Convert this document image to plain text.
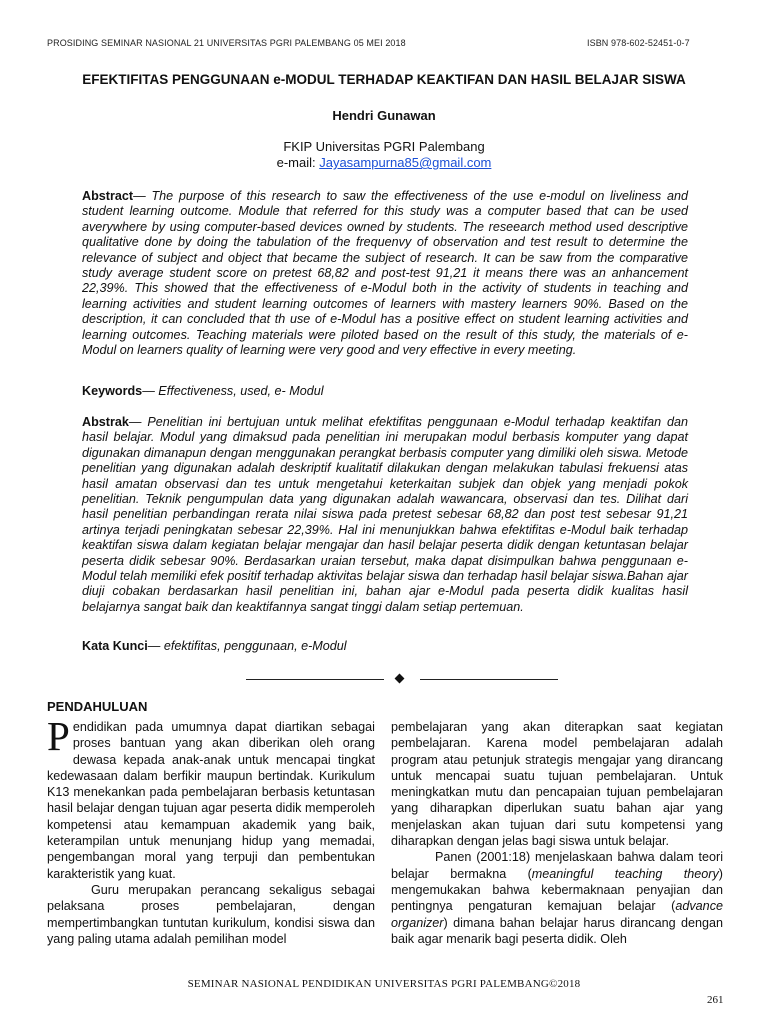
PROSIDING SEMINAR NASIONAL 21 UNIVERSITAS PGRI PALEMBANG 05 MEI 2018	ISBN 978-602-52451-0-7
EFEKTIFITAS PENGGUNAAN e-MODUL TERHADAP KEAKTIFAN DAN HASIL BELAJAR SISWA
Hendri Gunawan
FKIP Universitas PGRI Palembang
e-mail: Jayasampurna85@gmail.com
Abstract— The purpose of this research to saw the effectiveness of the use e-modul on liveliness and student learning outcome. Module that referred for this study was a computer based that can be used averywhere by using computer-based devices owned by students. The reseearch method used descriptive qualitative done by doing the tabulation of the frequenvy of observation and test result to determine the relevance of subject and object that became the subject of research. It can be saw from the comparative study average student score on pretest 68,82 and post-test 91,21 it means there was an anhancement 22,39%. This showed that the effectiveness of e-Modul both in the activity of students in teaching and learning activities and student learning outcomes of learners with mastery learners 90%. Based on the description, it can concluded that th use of e-Modul has a positive effect on student learning activities and learning outcomes. Teaching materials were piloted based on the result of this study, the materials of e-Modul on learners quality of learning were very good and very effective in every meeting.
Keywords— Effectiveness, used, e- Modul
Abstrak— Penelitian ini bertujuan untuk melihat efektifitas penggunaan e-Modul terhadap keaktifan dan hasil belajar. Modul yang dimaksud pada penelitian ini merupakan modul berbasis komputer yang dapat digunakan dimanapun dengan menggunakan perangkat berbasis computer yang dimiliki oleh siswa. Metode penelitian yang digunakan adalah deskriptif kualitatif dilakukan dengan melakukan tabulasi frekuensi atas hasil amatan observasi dan tes untuk mengetahui keterkaitan subjek dan objek yang menjadi pokok penelitian. Teknik pengumpulan data yang digunakan adalah wawancara, observasi dan tes. Dilihat dari hasil penelitian perbandingan rerata nilai siswa pada pretest sebesar 68,82 dan post test sebesar 91,21 artinya terjadi peningkatan sebesar 22,39%. Hal ini menunjukkan bahwa efektifitas e-Modul baik terhadap keaktifan siswa dalam kegiatan belajar mengajar dan hasil belajar peserta didik dengan ketuntasan belajar peserta didik sebesar 90%. Berdasarkan uraian tersebut, maka dapat disimpulkan bahwa penggunaan e-Modul telah memiliki efek positif terhadap aktivitas belajar siswa dan terhadap hasil belajar siswa.Bahan ajar diuji cobakan berdasarkan hasil penelitian ini, bahan ajar e-Modul pada peserta didik kualitas hasil belajarnya sangat baik dan keaktifannya sangat tinggi dalam setiap pertemuan.
Kata Kunci— efektifitas, penggunaan, e-Modul
PENDAHULUAN

Pendidikan pada umumnya dapat diartikan sebagai proses bantuan yang akan diberikan oleh orang dewasa kepada anak-anak untuk mencapai tingkat kedewasaan dalam berfikir maupun bertindak. Kurikulum K13 menekankan pada pembelajaran berbasis ketuntasan hasil belajar dengan tujuan agar peserta didik memperoleh kompetensi atau kemampuan akademik yang baik, keterampilan untuk menunjang hidup yang memadai, pengembangan moral yang terpuji dan pembentukan karakteristik yang kuat.

Guru merupakan perancang sekaligus sebagai pelaksana proses pembelajaran, dengan mempertimbangkan tuntutan kurikulum, kondisi siswa dan yang paling utama adalah pemilihan model

pembelajaran yang akan diterapkan saat kegiatan pembelajaran. Karena model pembelajaran adalah program atau petunjuk strategis mengajar yang dirancang untuk mencapai suatu tujuan pembelajaran. Untuk meningkatkan mutu dan pencapaian tujuan pembelajaran yang diharapkan diperlukan suatu bahan ajar yang menjelaskan akan tujuan dari sutu kompetensi yang diharapkan dengan jelas bagi siswa untuk belajar.

Panen (2001:18) menjelaskaan bahwa dalam teori belajar bermakna (meaningful teaching theory) mengemukakan bahwa kebermaknaan penyajian dan pentingnya pengaturan kemajuan belajar (advance organizer) dimana bahan belajar harus dirancang dengan baik agar menarik bagi peserta didik. Oleh

SEMINAR NASIONAL PENDIDIKAN UNIVERSITAS PGRI PALEMBANG©2018
261
